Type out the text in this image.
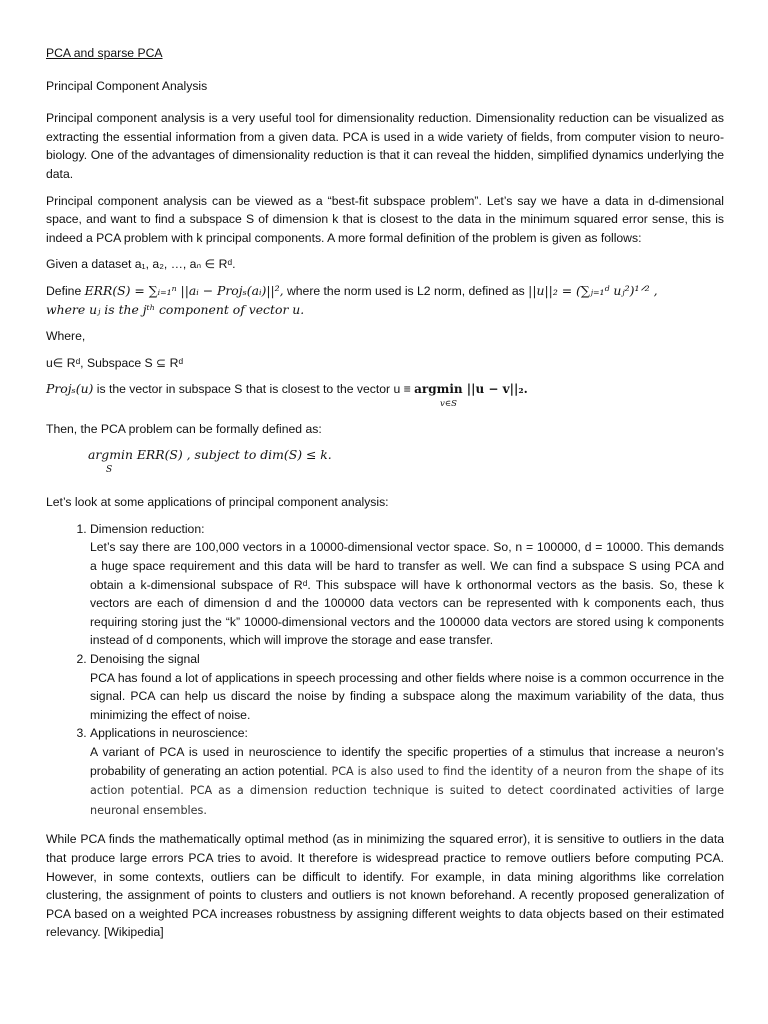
PCA and sparse PCA

Principal Component Analysis

Principal component analysis is a very useful tool for dimensionality reduction. Dimensionality reduction can be visualized as extracting the essential information from a given data. PCA is used in a wide variety of fields, from computer vision to neuro-biology. One of the advantages of dimensionality reduction is that it can reveal the hidden, simplified dynamics underlying the data.

Principal component analysis can be viewed as a “best-fit subspace problem”. Let’s say we have a data in d-dimensional space, and want to find a subspace S of dimension k that is closest to the data in the minimum squared error sense, this is indeed a PCA problem with k principal components. A more formal definition of the problem is given as follows:

Given a dataset a₁, a₂, …, aₙ ∈ Rᵈ.

Define ERR(S) = ∑ᵢ₌₁ⁿ ||aᵢ − Projₛ(aᵢ)||², where the norm used is L2 norm, defined as ||u||₂ = (∑ⱼ₌₁ᵈ uⱼ²)¹ᐟ² ,
where uⱼ is the jᵗʰ component of vector u.

Where,

u∈ Rᵈ, Subspace S ⊆ Rᵈ

Projₛ(u) is the vector in subspace S that is closest to the vector u ≡ argmin ||u − v||₂.

v∈S

Then, the PCA problem can be formally defined as:

argmin ERR(S) , subject to dim(S) ≤ k.
S

Let’s look at some applications of principal component analysis:

1. Dimension reduction:
Let’s say there are 100,000 vectors in a 10000-dimensional vector space. So, n = 100000, d = 10000. This demands a huge space requirement and this data will be hard to transfer as well. We can find a subspace S using PCA and obtain a k-dimensional subspace of Rᵈ. This subspace will have k orthonormal vectors as the basis. So, these k vectors are each of dimension d and the 100000 data vectors can be represented with k components each, thus requiring storing just the “k” 10000-dimensional vectors and the 100000 data vectors are stored using k components instead of d components, which will improve the storage and ease transfer.
2. Denoising the signal
PCA has found a lot of applications in speech processing and other fields where noise is a common occurrence in the signal. PCA can help us discard the noise by finding a subspace along the maximum variability of the data, thus minimizing the effect of noise.
3. Applications in neuroscience:
A variant of PCA is used in neuroscience to identify the specific properties of a stimulus that increase a neuron’s probability of generating an action potential. PCA is also used to find the identity of a neuron from the shape of its action potential. PCA as a dimension reduction technique is suited to detect coordinated activities of large neuronal ensembles.

While PCA finds the mathematically optimal method (as in minimizing the squared error), it is sensitive to outliers in the data that produce large errors PCA tries to avoid. It therefore is widespread practice to remove outliers before computing PCA. However, in some contexts, outliers can be difficult to identify. For example, in data mining algorithms like correlation clustering, the assignment of points to clusters and outliers is not known beforehand. A recently proposed generalization of PCA based on a weighted PCA increases robustness by assigning different weights to data objects based on their estimated relevancy. [Wikipedia]
